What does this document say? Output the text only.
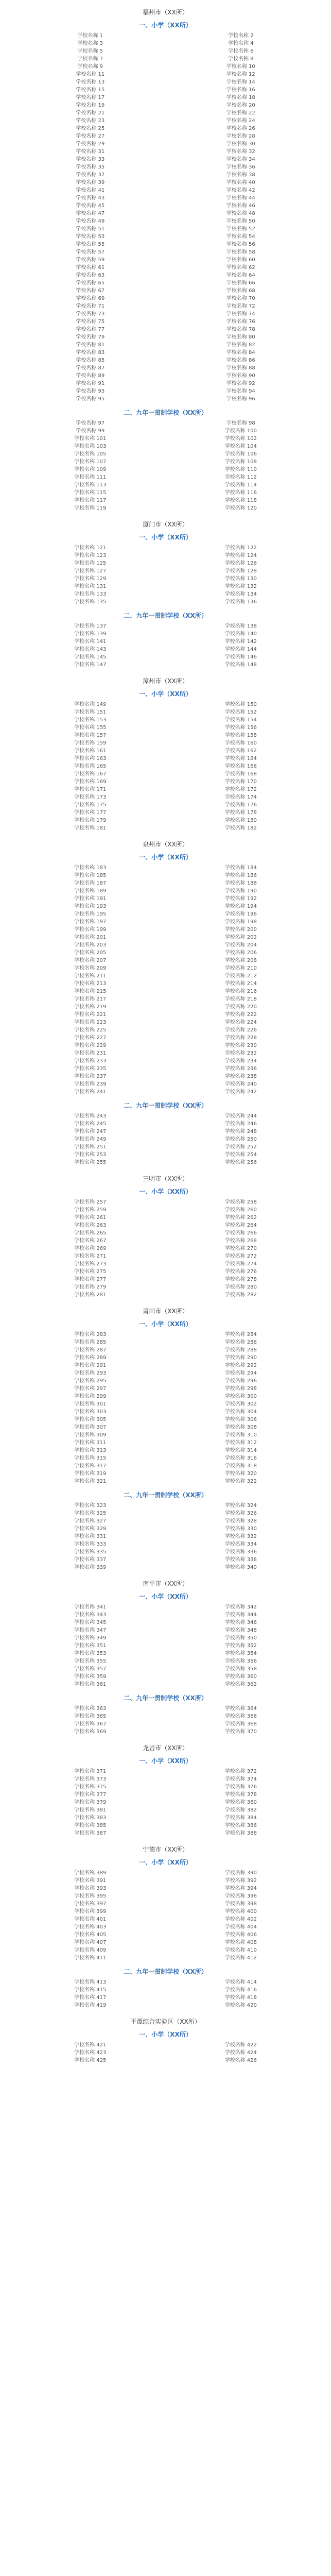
福州市（XX所）
一、小学（XX所）
学校名称 1	学校名称 2
学校名称 3	学校名称 4
学校名称 5	学校名称 6
学校名称 7	学校名称 8
学校名称 9	学校名称 10
学校名称 11	学校名称 12
学校名称 13	学校名称 14
学校名称 15	学校名称 16
学校名称 17	学校名称 18
学校名称 19	学校名称 20
学校名称 21	学校名称 22
学校名称 23	学校名称 24
学校名称 25	学校名称 26
学校名称 27	学校名称 28
学校名称 29	学校名称 30
学校名称 31	学校名称 32
学校名称 33	学校名称 34
学校名称 35	学校名称 36
学校名称 37	学校名称 38
学校名称 39	学校名称 40
学校名称 41	学校名称 42
学校名称 43	学校名称 44
学校名称 45	学校名称 46
学校名称 47	学校名称 48
学校名称 49	学校名称 50
学校名称 51	学校名称 52
学校名称 53	学校名称 54
学校名称 55	学校名称 56
学校名称 57	学校名称 58
学校名称 59	学校名称 60
学校名称 61	学校名称 62
学校名称 63	学校名称 64
学校名称 65	学校名称 66
学校名称 67	学校名称 68
学校名称 69	学校名称 70
学校名称 71	学校名称 72
学校名称 73	学校名称 74
学校名称 75	学校名称 76
学校名称 77	学校名称 78
学校名称 79	学校名称 80
学校名称 81	学校名称 82
学校名称 83	学校名称 84
学校名称 85	学校名称 86
学校名称 87	学校名称 88
学校名称 89	学校名称 90
学校名称 91	学校名称 92
学校名称 93	学校名称 94
学校名称 95	学校名称 96
二、九年一贯制学校（XX所）
学校名称 97	学校名称 98
学校名称 99	学校名称 100
学校名称 101	学校名称 102
学校名称 103	学校名称 104
学校名称 105	学校名称 106
学校名称 107	学校名称 108
学校名称 109	学校名称 110
学校名称 111	学校名称 112
学校名称 113	学校名称 114
学校名称 115	学校名称 116
学校名称 117	学校名称 118
学校名称 119	学校名称 120
厦门市（XX所）
一、小学（XX所）
学校名称 121	学校名称 122
学校名称 123	学校名称 124
学校名称 125	学校名称 126
学校名称 127	学校名称 128
学校名称 129	学校名称 130
学校名称 131	学校名称 132
学校名称 133	学校名称 134
学校名称 135	学校名称 136
二、九年一贯制学校（XX所）
学校名称 137	学校名称 138
学校名称 139	学校名称 140
学校名称 141	学校名称 142
学校名称 143	学校名称 144
学校名称 145	学校名称 146
学校名称 147	学校名称 148
漳州市（XX所）
一、小学（XX所）
学校名称 149	学校名称 150
学校名称 151	学校名称 152
学校名称 153	学校名称 154
学校名称 155	学校名称 156
学校名称 157	学校名称 158
学校名称 159	学校名称 160
学校名称 161	学校名称 162
学校名称 163	学校名称 164
学校名称 165	学校名称 166
学校名称 167	学校名称 168
学校名称 169	学校名称 170
学校名称 171	学校名称 172
学校名称 173	学校名称 174
学校名称 175	学校名称 176
学校名称 177	学校名称 178
学校名称 179	学校名称 180
学校名称 181	学校名称 182
泉州市（XX所）
一、小学（XX所）
学校名称 183	学校名称 184
学校名称 185	学校名称 186
学校名称 187	学校名称 188
学校名称 189	学校名称 190
学校名称 191	学校名称 192
学校名称 193	学校名称 194
学校名称 195	学校名称 196
学校名称 197	学校名称 198
学校名称 199	学校名称 200
学校名称 201	学校名称 202
学校名称 203	学校名称 204
学校名称 205	学校名称 206
学校名称 207	学校名称 208
学校名称 209	学校名称 210
学校名称 211	学校名称 212
学校名称 213	学校名称 214
学校名称 215	学校名称 216
学校名称 217	学校名称 218
学校名称 219	学校名称 220
学校名称 221	学校名称 222
学校名称 223	学校名称 224
学校名称 225	学校名称 226
学校名称 227	学校名称 228
学校名称 229	学校名称 230
学校名称 231	学校名称 232
学校名称 233	学校名称 234
学校名称 235	学校名称 236
学校名称 237	学校名称 238
学校名称 239	学校名称 240
学校名称 241	学校名称 242
二、九年一贯制学校（XX所）
学校名称 243	学校名称 244
学校名称 245	学校名称 246
学校名称 247	学校名称 248
学校名称 249	学校名称 250
学校名称 251	学校名称 252
学校名称 253	学校名称 254
学校名称 255	学校名称 256
三明市（XX所）
一、小学（XX所）
学校名称 257	学校名称 258
学校名称 259	学校名称 260
学校名称 261	学校名称 262
学校名称 263	学校名称 264
学校名称 265	学校名称 266
学校名称 267	学校名称 268
学校名称 269	学校名称 270
学校名称 271	学校名称 272
学校名称 273	学校名称 274
学校名称 275	学校名称 276
学校名称 277	学校名称 278
学校名称 279	学校名称 280
学校名称 281	学校名称 282
莆田市（XX所）
一、小学（XX所）
学校名称 283	学校名称 284
学校名称 285	学校名称 286
学校名称 287	学校名称 288
学校名称 289	学校名称 290
学校名称 291	学校名称 292
学校名称 293	学校名称 294
学校名称 295	学校名称 296
学校名称 297	学校名称 298
学校名称 299	学校名称 300
学校名称 301	学校名称 302
学校名称 303	学校名称 304
学校名称 305	学校名称 306
学校名称 307	学校名称 308
学校名称 309	学校名称 310
学校名称 311	学校名称 312
学校名称 313	学校名称 314
学校名称 315	学校名称 316
学校名称 317	学校名称 318
学校名称 319	学校名称 320
学校名称 321	学校名称 322
二、九年一贯制学校（XX所）
学校名称 323	学校名称 324
学校名称 325	学校名称 326
学校名称 327	学校名称 328
学校名称 329	学校名称 330
学校名称 331	学校名称 332
学校名称 333	学校名称 334
学校名称 335	学校名称 336
学校名称 337	学校名称 338
学校名称 339	学校名称 340
南平市（XX所）
一、小学（XX所）
学校名称 341	学校名称 342
学校名称 343	学校名称 344
学校名称 345	学校名称 346
学校名称 347	学校名称 348
学校名称 349	学校名称 350
学校名称 351	学校名称 352
学校名称 353	学校名称 354
学校名称 355	学校名称 356
学校名称 357	学校名称 358
学校名称 359	学校名称 360
学校名称 361	学校名称 362
二、九年一贯制学校（XX所）
学校名称 363	学校名称 364
学校名称 365	学校名称 366
学校名称 367	学校名称 368
学校名称 369	学校名称 370
龙岩市（XX所）
一、小学（XX所）
学校名称 371	学校名称 372
学校名称 373	学校名称 374
学校名称 375	学校名称 376
学校名称 377	学校名称 378
学校名称 379	学校名称 380
学校名称 381	学校名称 382
学校名称 383	学校名称 384
学校名称 385	学校名称 386
学校名称 387	学校名称 388
宁德市（XX所）
一、小学（XX所）
学校名称 389	学校名称 390
学校名称 391	学校名称 392
学校名称 393	学校名称 394
学校名称 395	学校名称 396
学校名称 397	学校名称 398
学校名称 399	学校名称 400
学校名称 401	学校名称 402
学校名称 403	学校名称 404
学校名称 405	学校名称 406
学校名称 407	学校名称 408
学校名称 409	学校名称 410
学校名称 411	学校名称 412
二、九年一贯制学校（XX所）
学校名称 413	学校名称 414
学校名称 415	学校名称 416
学校名称 417	学校名称 418
学校名称 419	学校名称 420
平潭综合实验区（XX所）
一、小学（XX所）
学校名称 421	学校名称 422
学校名称 423	学校名称 424
学校名称 425	学校名称 426
